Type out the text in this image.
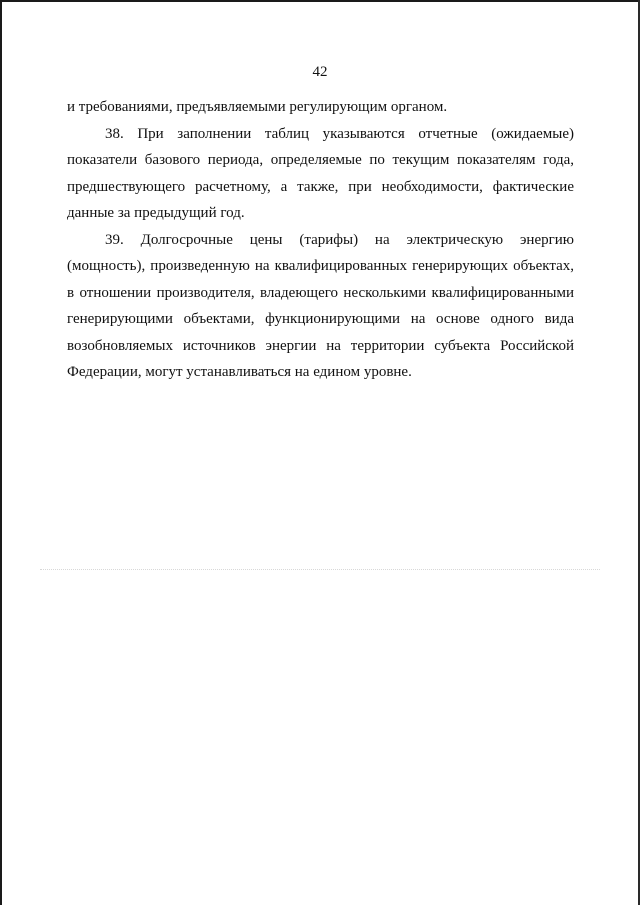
42

и требованиями, предъявляемыми регулирующим органом.

38. При заполнении таблиц указываются отчетные (ожидаемые) показатели базового периода, определяемые по текущим показателям года, предшествующего расчетному, а также, при необходимости, фактические данные за предыдущий год.

39. Долгосрочные цены (тарифы) на электрическую энергию (мощность), произведенную на квалифицированных генерирующих объектах, в отношении производителя, владеющего несколькими квалифицированными генерирующими объектами, функционирующими на основе одного вида возобновляемых источников энергии на территории субъекта Российской Федерации, могут устанавливаться на едином уровне.
